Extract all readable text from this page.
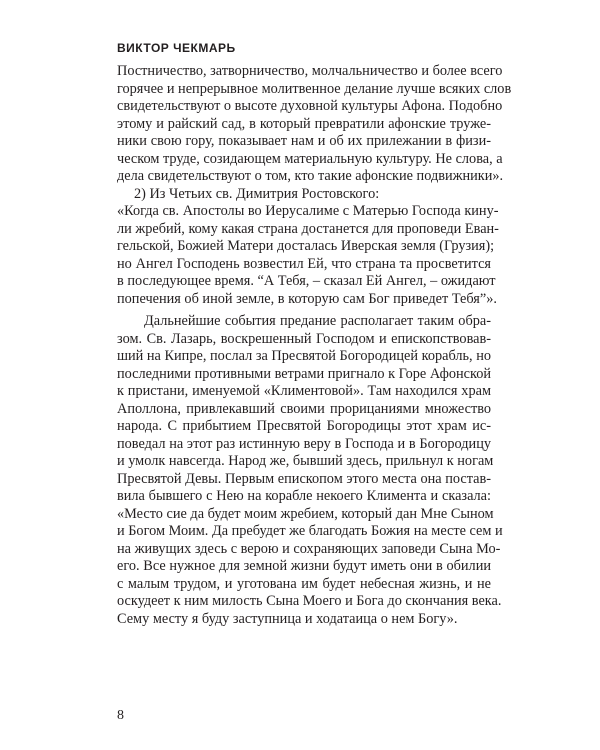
ВИКТОР ЧЕКМАРЬ
Постничество, затворничество, молчальничество и более всего
горячее и непрерывное молитвенное делание лучше всяких слов
свидетельствуют о высоте духовной культуры Афона. Подобно
этому и райский сад, в который превратили афонские труже-
ники свою гору, показывает нам и об их прилежании в физи-
ческом труде, созидающем материальную культуру. Не слова, а
дела свидетельствуют о том, кто такие афонские подвижники».
2) Из Четьих св. Димитрия Ростовского:
«Когда св. Апостолы во Иерусалиме с Матерью Господа кину-
ли жребий, кому какая страна достанется для проповеди Еван-
гельской, Божией Матери досталась Иверская земля (Грузия);
но Ангел Господень возвестил Ей, что страна та просветится
в последующее время. “А Тебя, – сказал Ей Ангел, – ожидают
попечения об иной земле, в которую сам Бог приведет Тебя”».
Дальнейшие события предание располагает таким обра-
зом. Св. Лазарь, воскрешенный Господом и епископствовав-
ший на Кипре, послал за Пресвятой Богородицей корабль, но
последними противными ветрами пригнало к Горе Афонской
к пристани, именуемой «Климентовой». Там находился храм
Аполлона, привлекавший своими прорицаниями множество
народа. С прибытием Пресвятой Богородицы этот храм ис-
поведал на этот раз истинную веру в Господа и в Богородицу
и умолк навсегда. Народ же, бывший здесь, прильнул к ногам
Пресвятой Девы. Первым епископом этого места она постав-
вила бывшего с Нею на корабле некоего Климента и сказала:
«Место сие да будет моим жребием, который дан Мне Сыном
и Богом Моим. Да пребудет же благодать Божия на месте сем и
на живущих здесь с верою и сохраняющих заповеди Сына Мо-
его. Все нужное для земной жизни будут иметь они в обилии
с малым трудом, и уготована им будет небесная жизнь, и не
оскудеет к ним милость Сына Моего и Бога до скончания века.
Сему месту я буду заступница и ходатаица о нем Богу».
8
